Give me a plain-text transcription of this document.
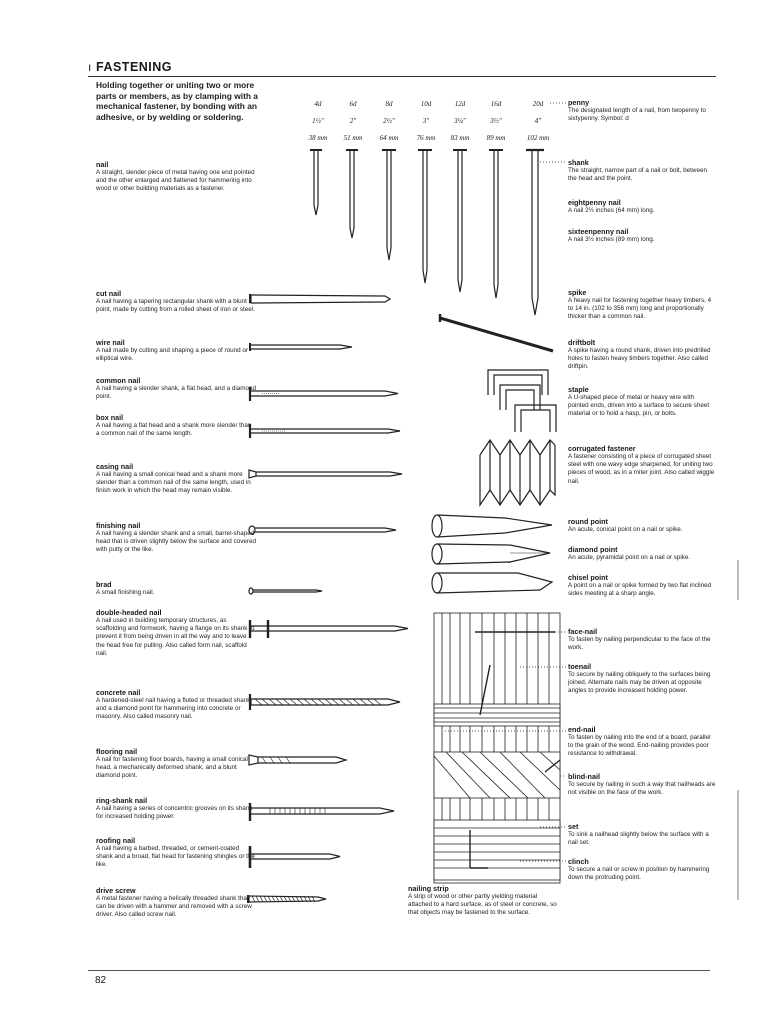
ı FASTENING
Holding together or uniting two or more parts or members, as by clamping with a mechanical fastener, by bonding with an adhesive, or by welding or soldering.
4d
1½"
38 mm
6d
2"
51 mm
8d
2½"
64 mm
10d
3"
76 mm
12d
3¼"
83 mm
16d
3½"
89 mm
20d
4"
102 mm
nail
A straight, slender piece of metal having one end pointed and the other enlarged and flattened for hammering into wood or other building materials as a fastener.
cut nail
A nail having a tapering rectangular shank with a blunt point, made by cutting from a rolled sheet of iron or steel.
wire nail
A nail made by cutting and shaping a piece of round or elliptical wire.
common nail
A nail having a slender shank, a flat head, and a diamond point.
box nail
A nail having a flat head and a shank more slender than a common nail of the same length.
casing nail
A nail having a small conical head and a shank more slender than a common nail of the same length, used in finish work in which the head may remain visible.
finishing nail
A nail having a slender shank and a small, barrel-shaped head that is driven slightly below the surface and covered with putty or the like.
brad
A small finishing nail.
double-headed nail
A nail used in building temporary structures, as scaffolding and formwork, having a flange on its shank to prevent it from being driven in all the way and to leave the head free for pulling. Also called form nail, scaffold nail.
concrete nail
A hardened-steel nail having a fluted or threaded shank and a diamond point for hammering into concrete or masonry. Also called masonry nail.
flooring nail
A nail for fastening floor boards, having a small conical head, a mechanically deformed shank, and a blunt diamond point.
ring-shank nail
A nail having a series of concentric grooves on its shank for increased holding power.
roofing nail
A nail having a barbed, threaded, or cement-coated shank and a broad, flat head for fastening shingles or the like.
drive screw
A metal fastener having a helically threaded shank that can be driven with a hammer and removed with a screw driver. Also called screw nail.
nailing strip
A strip of wood or other partly yielding material attached to a hard surface, as of steel or concrete, so that objects may be fastened to the surface.
penny
The designated length of a nail, from twopenny to sixtypenny. Symbol: d
shank
The straight, narrow part of a nail or bolt, between the head and the point.
eightpenny nail
A nail 2½ inches (64 mm) long.
sixteenpenny nail
A nail 3½ inches (89 mm) long.
spike
A heavy nail for fastening together heavy timbers, 4 to 14 in. (102 to 356 mm) long and proportionally thicker than a common nail.
driftbolt
A spike having a round shank, driven into predrilled holes to fasten heavy timbers together. Also called driftpin.
staple
A U-shaped piece of metal or heavy wire with pointed ends, driven into a surface to secure sheet material or to hold a hasp, pin, or bolts.
corrugated fastener
A fastener consisting of a piece of corrugated sheet steel with one wavy edge sharpened, for uniting two pieces of wood, as in a miter joint. Also called wiggle nail.
round point
An acute, conical point on a nail or spike.
diamond point
An acute, pyramidal point on a nail or spike.
chisel point
A point on a nail or spike formed by two flat inclined sides meeting at a sharp angle.
face-nail
To fasten by nailing perpendicular to the face of the work.
toenail
To secure by nailing obliquely to the surfaces being joined. Alternate nails may be driven at opposite angles to provide increased holding power.
end-nail
To fasten by nailing into the end of a board, parallel to the grain of the wood. End-nailing provides poor resistance to withdrawal.
blind-nail
To secure by nailing in such a way that nailheads are not visible on the face of the work.
set
To sink a nailhead slightly below the surface with a nail set.
clinch
To secure a nail or screw in position by hammering down the protruding point.
82
